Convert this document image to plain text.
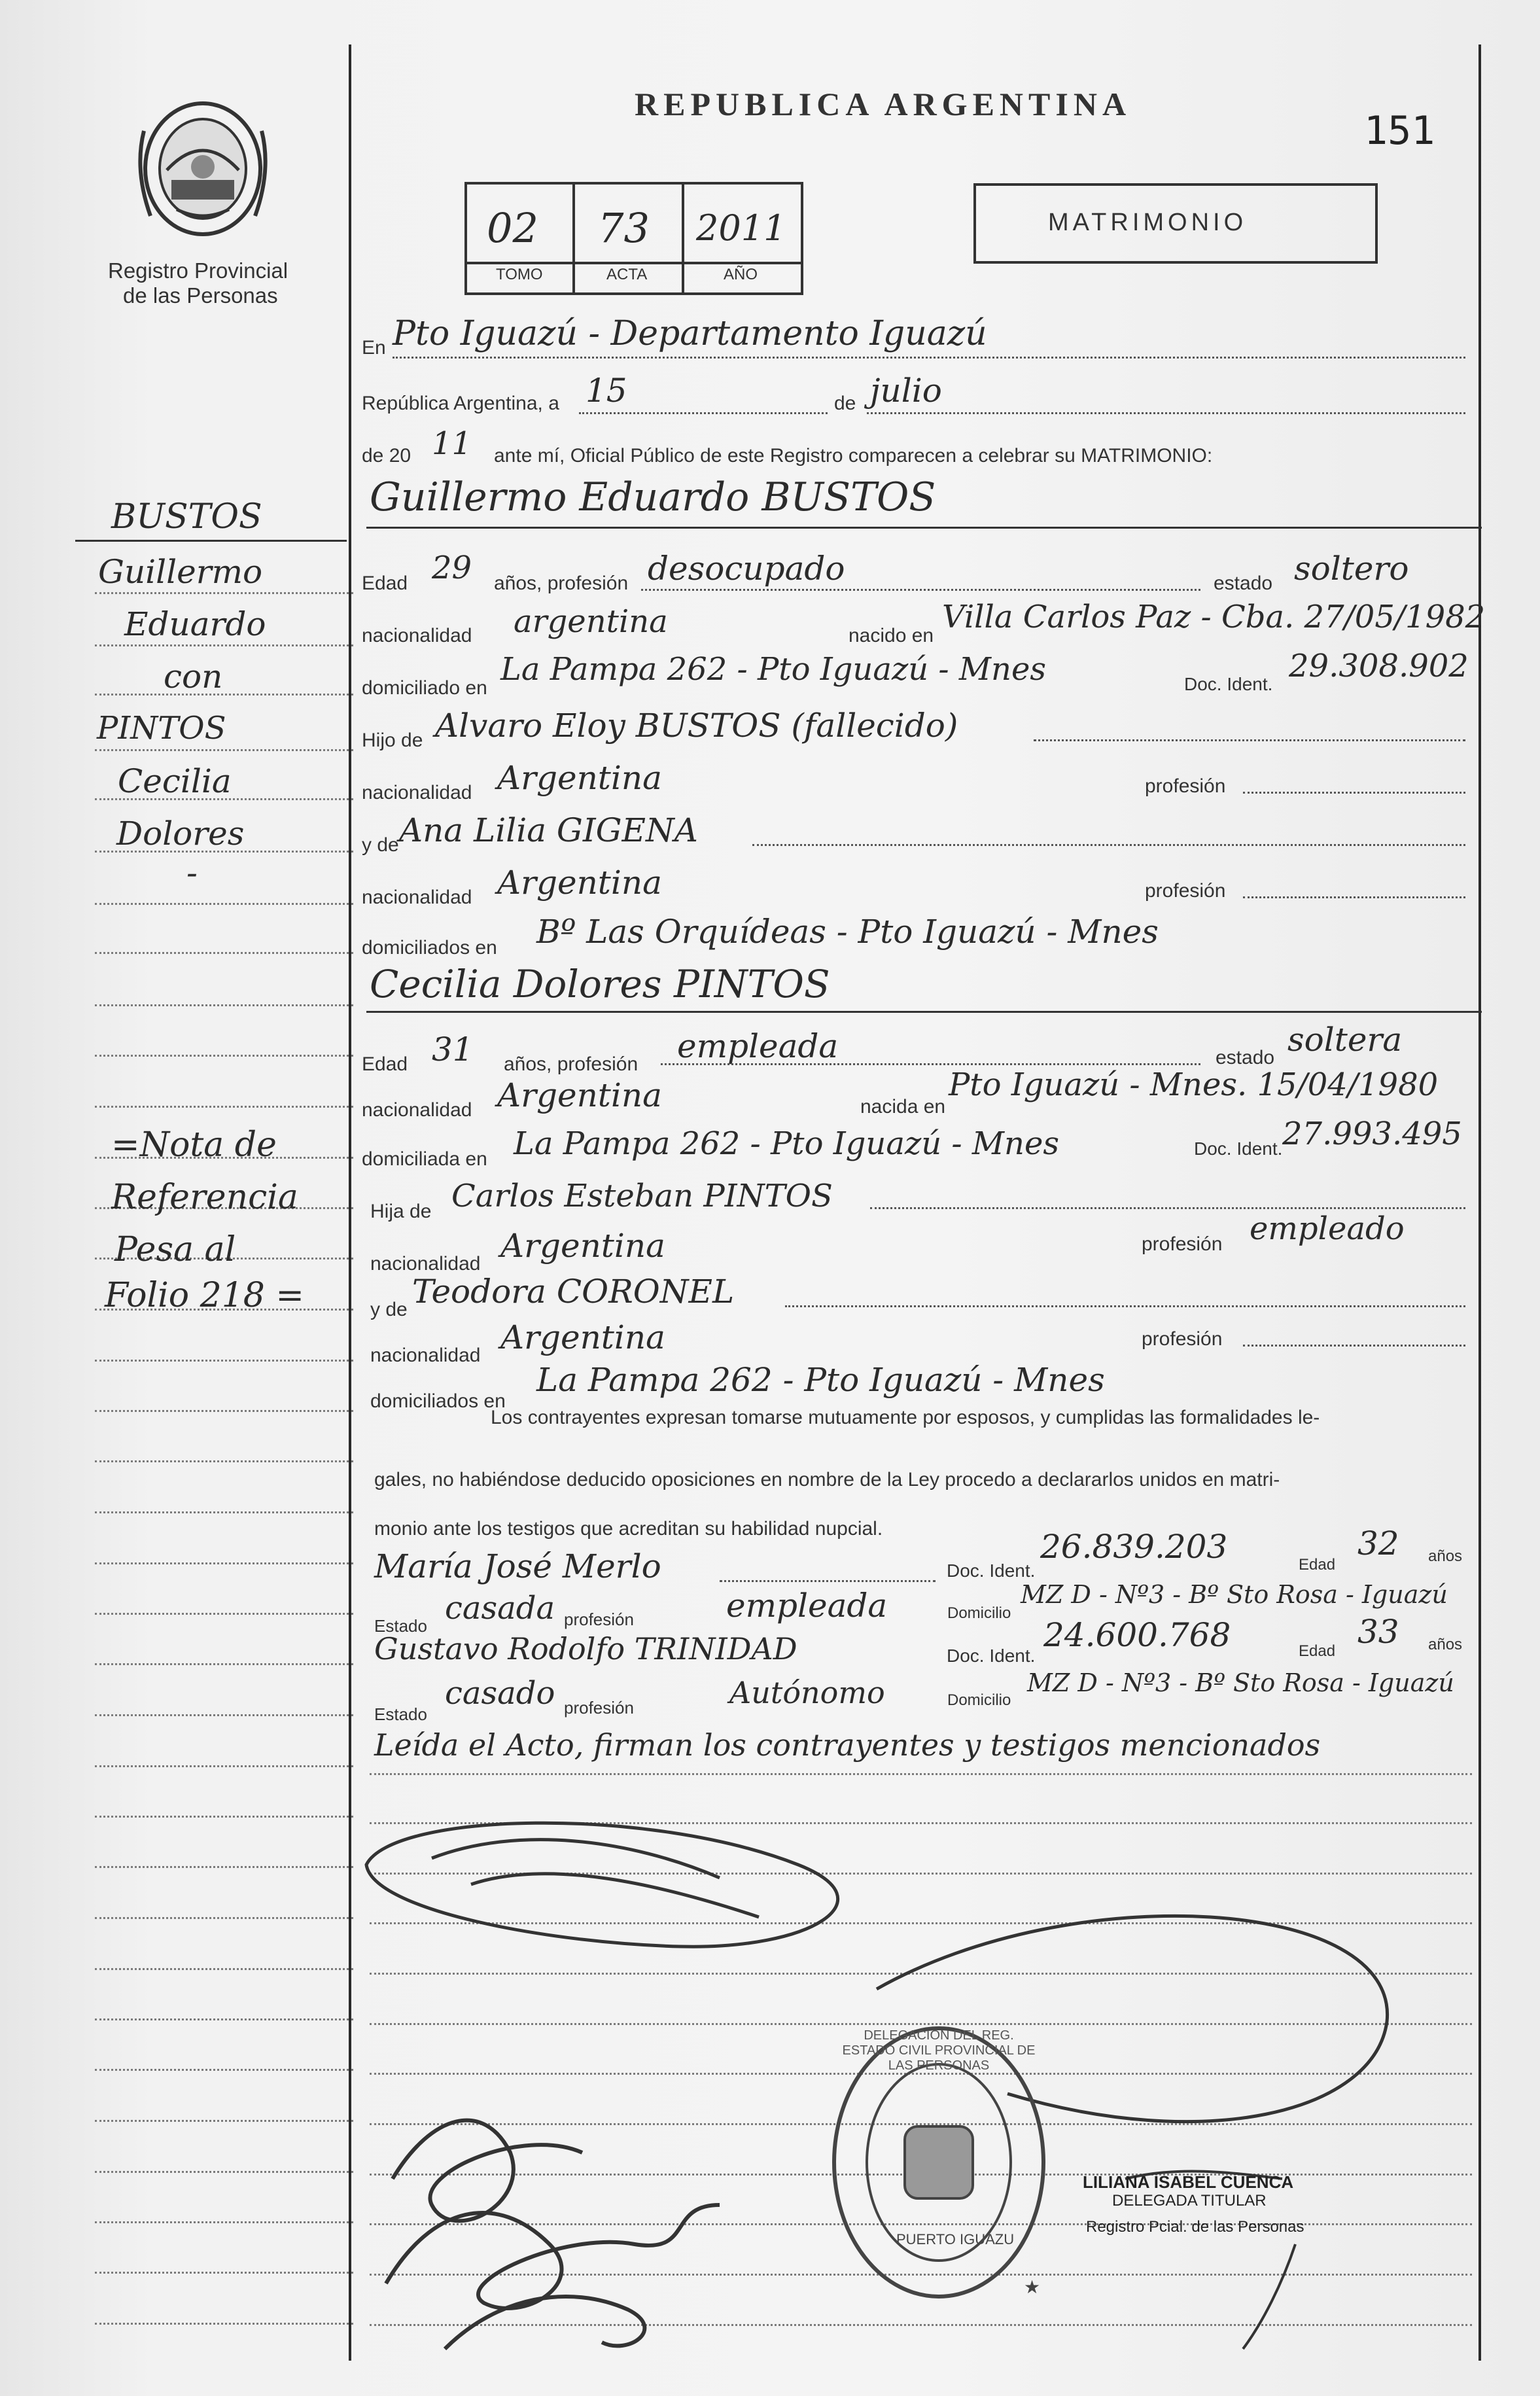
Registro Provincial
de las Personas
REPUBLICA ARGENTINA
151
02 73 2011
TOMO	ACTA	AÑO
MATRIMONIO
BUSTOS
Guillermo
Eduardo
con
PINTOS
Cecilia
Dolores
-
=Nota de
Referencia
Pesa al
Folio 218 =
En Pto Iguazú - Departamento Iguazú
República Argentina, a 15	de julio
de 20 11 ante mí, Oficial Público de este Registro comparecen a celebrar su MATRIMONIO:
Guillermo Eduardo BUSTOS
Edad 29 años, profesión desocupado	estado soltero
nacionalidad argentina	nacido en
Villa Carlos Paz - Cba. 27/05/1982
domiciliado en
La Pampa 262 - Pto Iguazú - Mnes	Doc. Ident. 29.308.902
Hijo de Alvaro Eloy BUSTOS (fallecido)
nacionalidad Argentina	profesión
y de Ana Lilia GIGENA
nacionalidad Argentina	profesión
domiciliados en Bº Las Orquídeas - Pto Iguazú - Mnes
Cecilia Dolores PINTOS
Edad 31 años, profesión empleada	estado soltera
nacionalidad Argentina	nacida en
Pto Iguazú - Mnes. 15/04/1980
domiciliada en La Pampa 262 - Pto Iguazú - Mnes	Doc. Ident. 27.993.495
Hija de Carlos Esteban PINTOS
nacionalidad Argentina	profesión empleado
y de Teodora CORONEL
nacionalidad Argentina	profesión
domiciliados en
La Pampa 262 - Pto Iguazú - Mnes
Los contrayentes expresan tomarse mutuamente por esposos, y cumplidas las formalidades le-
gales, no habiéndose deducido oposiciones en nombre de la Ley procedo a declararlos unidos en matri-
monio ante los testigos que acreditan su habilidad nupcial.
María José Merlo	Doc. Ident.
26.839.203	Edad
32 años
Estado casada profesión	empleada	Domicilio
MZ D - Nº3 - Bº Sto Rosa - Iguazú
Gustavo Rodolfo TRINIDAD	Doc. Ident.
24.600.768	Edad
33 años
Estado
casado profesión	Autónomo	Domicilio
MZ D - Nº3 - Bº Sto Rosa - Iguazú
Leída el Acto, firman los contrayentes y testigos mencionados
★
DELEGACION DEL REG. ESTADO CIVIL PROVINCIAL DE LAS PERSONAS
PUERTO IGUAZU
LILIANA ISABEL CUENCA
DELEGADA TITULAR
Registro Pcial. de las Personas
